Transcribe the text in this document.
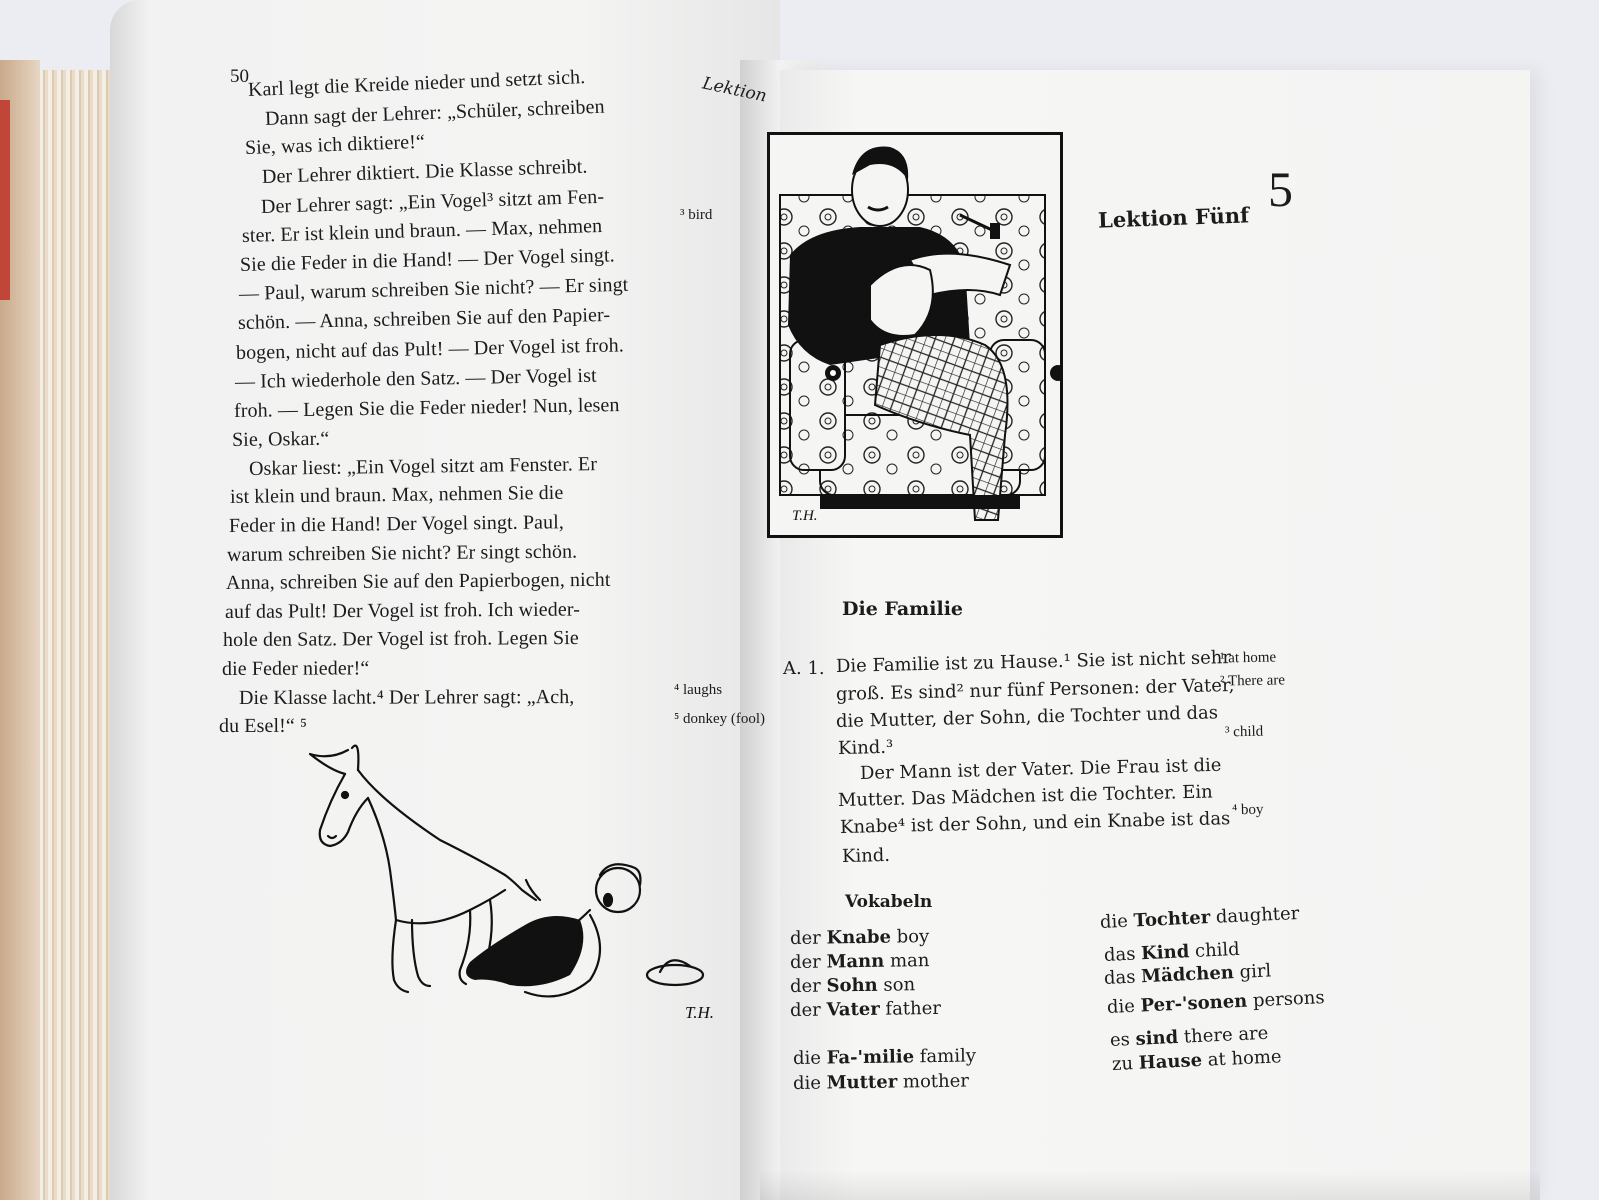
50	Lektion
Karl legt die Kreide nieder und setzt sich.
Dann sagt der Lehrer: „Schüler, schreiben
Sie, was ich diktiere!“
Der Lehrer diktiert. Die Klasse schreibt.
Der Lehrer sagt: „Ein Vogel³ sitzt am Fen-
ster. Er ist klein und braun. — Max, nehmen
Sie die Feder in die Hand! — Der Vogel singt.
— Paul, warum schreiben Sie nicht? — Er singt
schön. — Anna, schreiben Sie auf den Papier-
bogen, nicht auf das Pult! — Der Vogel ist froh.
— Ich wiederhole den Satz. — Der Vogel ist
froh. — Legen Sie die Feder nieder! Nun, lesen
Sie, Oskar.“
Oskar liest: „Ein Vogel sitzt am Fenster. Er
ist klein und braun. Max, nehmen Sie die
Feder in die Hand! Der Vogel singt. Paul,
warum schreiben Sie nicht? Er singt schön.
Anna, schreiben Sie auf den Papierbogen, nicht
auf das Pult! Der Vogel ist froh. Ich wieder-
hole den Satz. Der Vogel ist froh. Legen Sie
die Feder nieder!“
Die Klasse lacht.⁴ Der Lehrer sagt: „Ach,
du Esel!“ ⁵
³ bird
⁴ laughs
⁵ donkey (fool)
T.H.
T.H.
Lektion Fünf
5
Die Familie
A. 1. Die Familie ist zu Hause.¹ Sie ist nicht sehr
groß. Es sind² nur fünf Personen: der Vater,
die Mutter, der Sohn, die Tochter und das
Kind.³
Der Mann ist der Vater. Die Frau ist die
Mutter. Das Mädchen ist die Tochter. Ein
Knabe⁴ ist der Sohn, und ein Knabe ist das
Kind.
¹ at home
² There are
³ child
⁴ boy
Vokabeln
der Knabe boy
der Mann man
der Sohn son
der Vater father
die Fa-'milie family
die Mutter mother
die Tochter daughter
das Kind child
das Mädchen girl
die Per-'sonen persons
es sind there are
zu Hause at home
